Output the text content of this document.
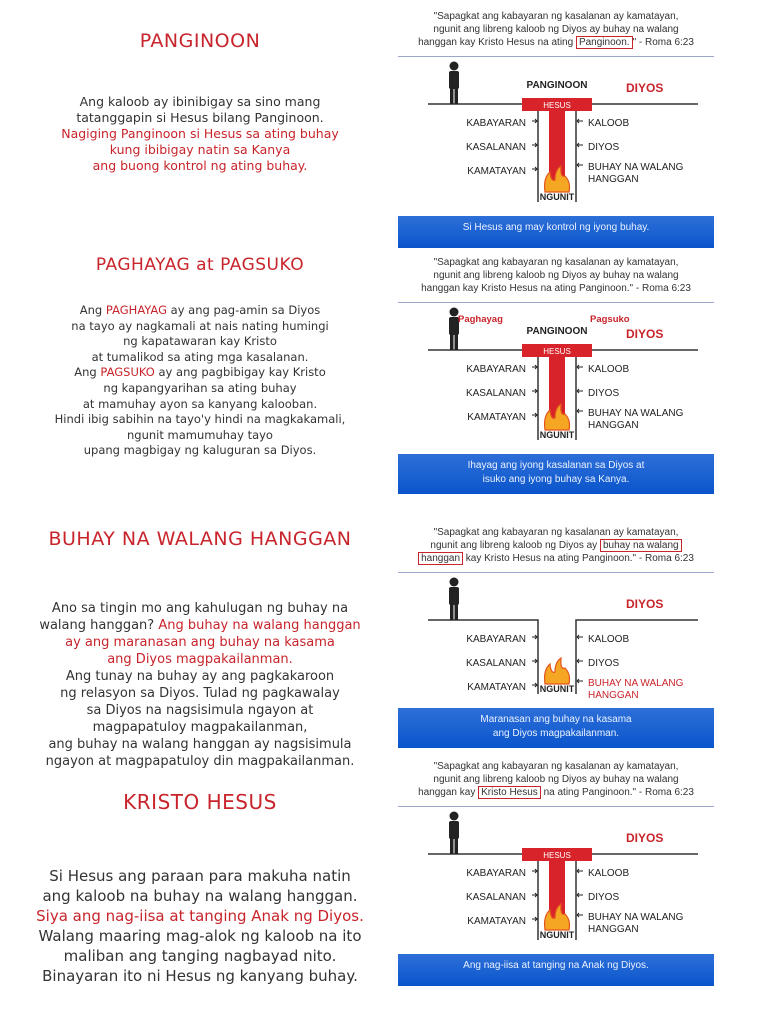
PANGINOON
Ang kaloob ay ibinibigay sa sino mang
tatanggapin si Hesus bilang Panginoon.
Nagiging Panginoon si Hesus sa ating buhay
kung ibibigay natin sa Kanya
ang buong kontrol ng ating buhay.
PAGHAYAG at PAGSUKO
Ang PAGHAYAG ay ang pag-amin sa Diyos
na tayo ay nagkamali at nais nating humingi
ng kapatawaran kay Kristo
at tumalikod sa ating mga kasalanan.
Ang PAGSUKO ay ang pagbibigay kay Kristo
ng kapangyarihan sa ating buhay
at mamuhay ayon sa kanyang kalooban.
Hindi ibig sabihin na tayo'y hindi na magkakamali,
ngunit mamumuhay tayo
upang magbigay ng kaluguran sa Diyos.
BUHAY NA WALANG HANGGAN
Ano sa tingin mo ang kahulugan ng buhay na
walang hanggan? Ang buhay na walang hanggan
ay ang maranasan ang buhay na kasama
ang Diyos magpakailanman.
Ang tunay na buhay ay ang pagkakaroon
ng relasyon sa Diyos. Tulad ng pagkawalay
sa Diyos na nagsisimula ngayon at
magpapatuloy magpakailanman,
ang buhay na walang hanggan ay nagsisimula
ngayon at magpapatuloy din magpakailanman.
KRISTO HESUS
Si Hesus ang paraan para makuha natin
ang kaloob na buhay na walang hanggan.
Siya ang nag-iisa at tanging Anak ng Diyos.
Walang maaring mag-alok ng kaloob na ito
maliban ang tanging nagbayad nito.
Binayaran ito ni Hesus ng kanyang buhay.
"Sapagkat ang kabayaran ng kasalanan ay kamatayan,
ngunit ang libreng kaloob ng Diyos ay buhay na walang
hanggan kay Kristo Hesus na ating Panginoon. " - Roma 6:23
DIYOS
PANGINOON
HESUS
NGUNIT
KABAYARAN
KASALANAN
KAMATAYAN
KALOOB
DIYOS
BUHAY NA WALANG
HANGGAN
Si Hesus ang may kontrol ng iyong buhay.
"Sapagkat ang kabayaran ng kasalanan ay kamatayan,
ngunit ang libreng kaloob ng Diyos ay buhay na walang
hanggan kay Kristo Hesus na ating Panginoon." - Roma 6:23
DIYOS
PANGINOON
Paghayag	Pagsuko
HESUS
NGUNIT
KABAYARAN
KASALANAN
KAMATAYAN
KALOOB
DIYOS
BUHAY NA WALANG
HANGGAN
Ihayag ang iyong kasalanan sa Diyos at
isuko ang iyong buhay sa Kanya.
"Sapagkat ang kabayaran ng kasalanan ay kamatayan,
ngunit ang libreng kaloob ng Diyos ay buhay na walang
hanggan kay Kristo Hesus na ating Panginoon." - Roma 6:23
DIYOS
NGUNIT
KABAYARAN
KASALANAN
KAMATAYAN
KALOOB
DIYOS
BUHAY NA WALANG
HANGGAN
Maranasan ang buhay na kasama
ang Diyos magpakailanman.
"Sapagkat ang kabayaran ng kasalanan ay kamatayan,
ngunit ang libreng kaloob ng Diyos ay buhay na walang
hanggan kay Kristo Hesus na ating Panginoon." - Roma 6:23
DIYOS
HESUS
NGUNIT
KABAYARAN
KASALANAN
KAMATAYAN
KALOOB
DIYOS
BUHAY NA WALANG
HANGGAN
Ang nag-iisa at tanging na Anak ng Diyos.
